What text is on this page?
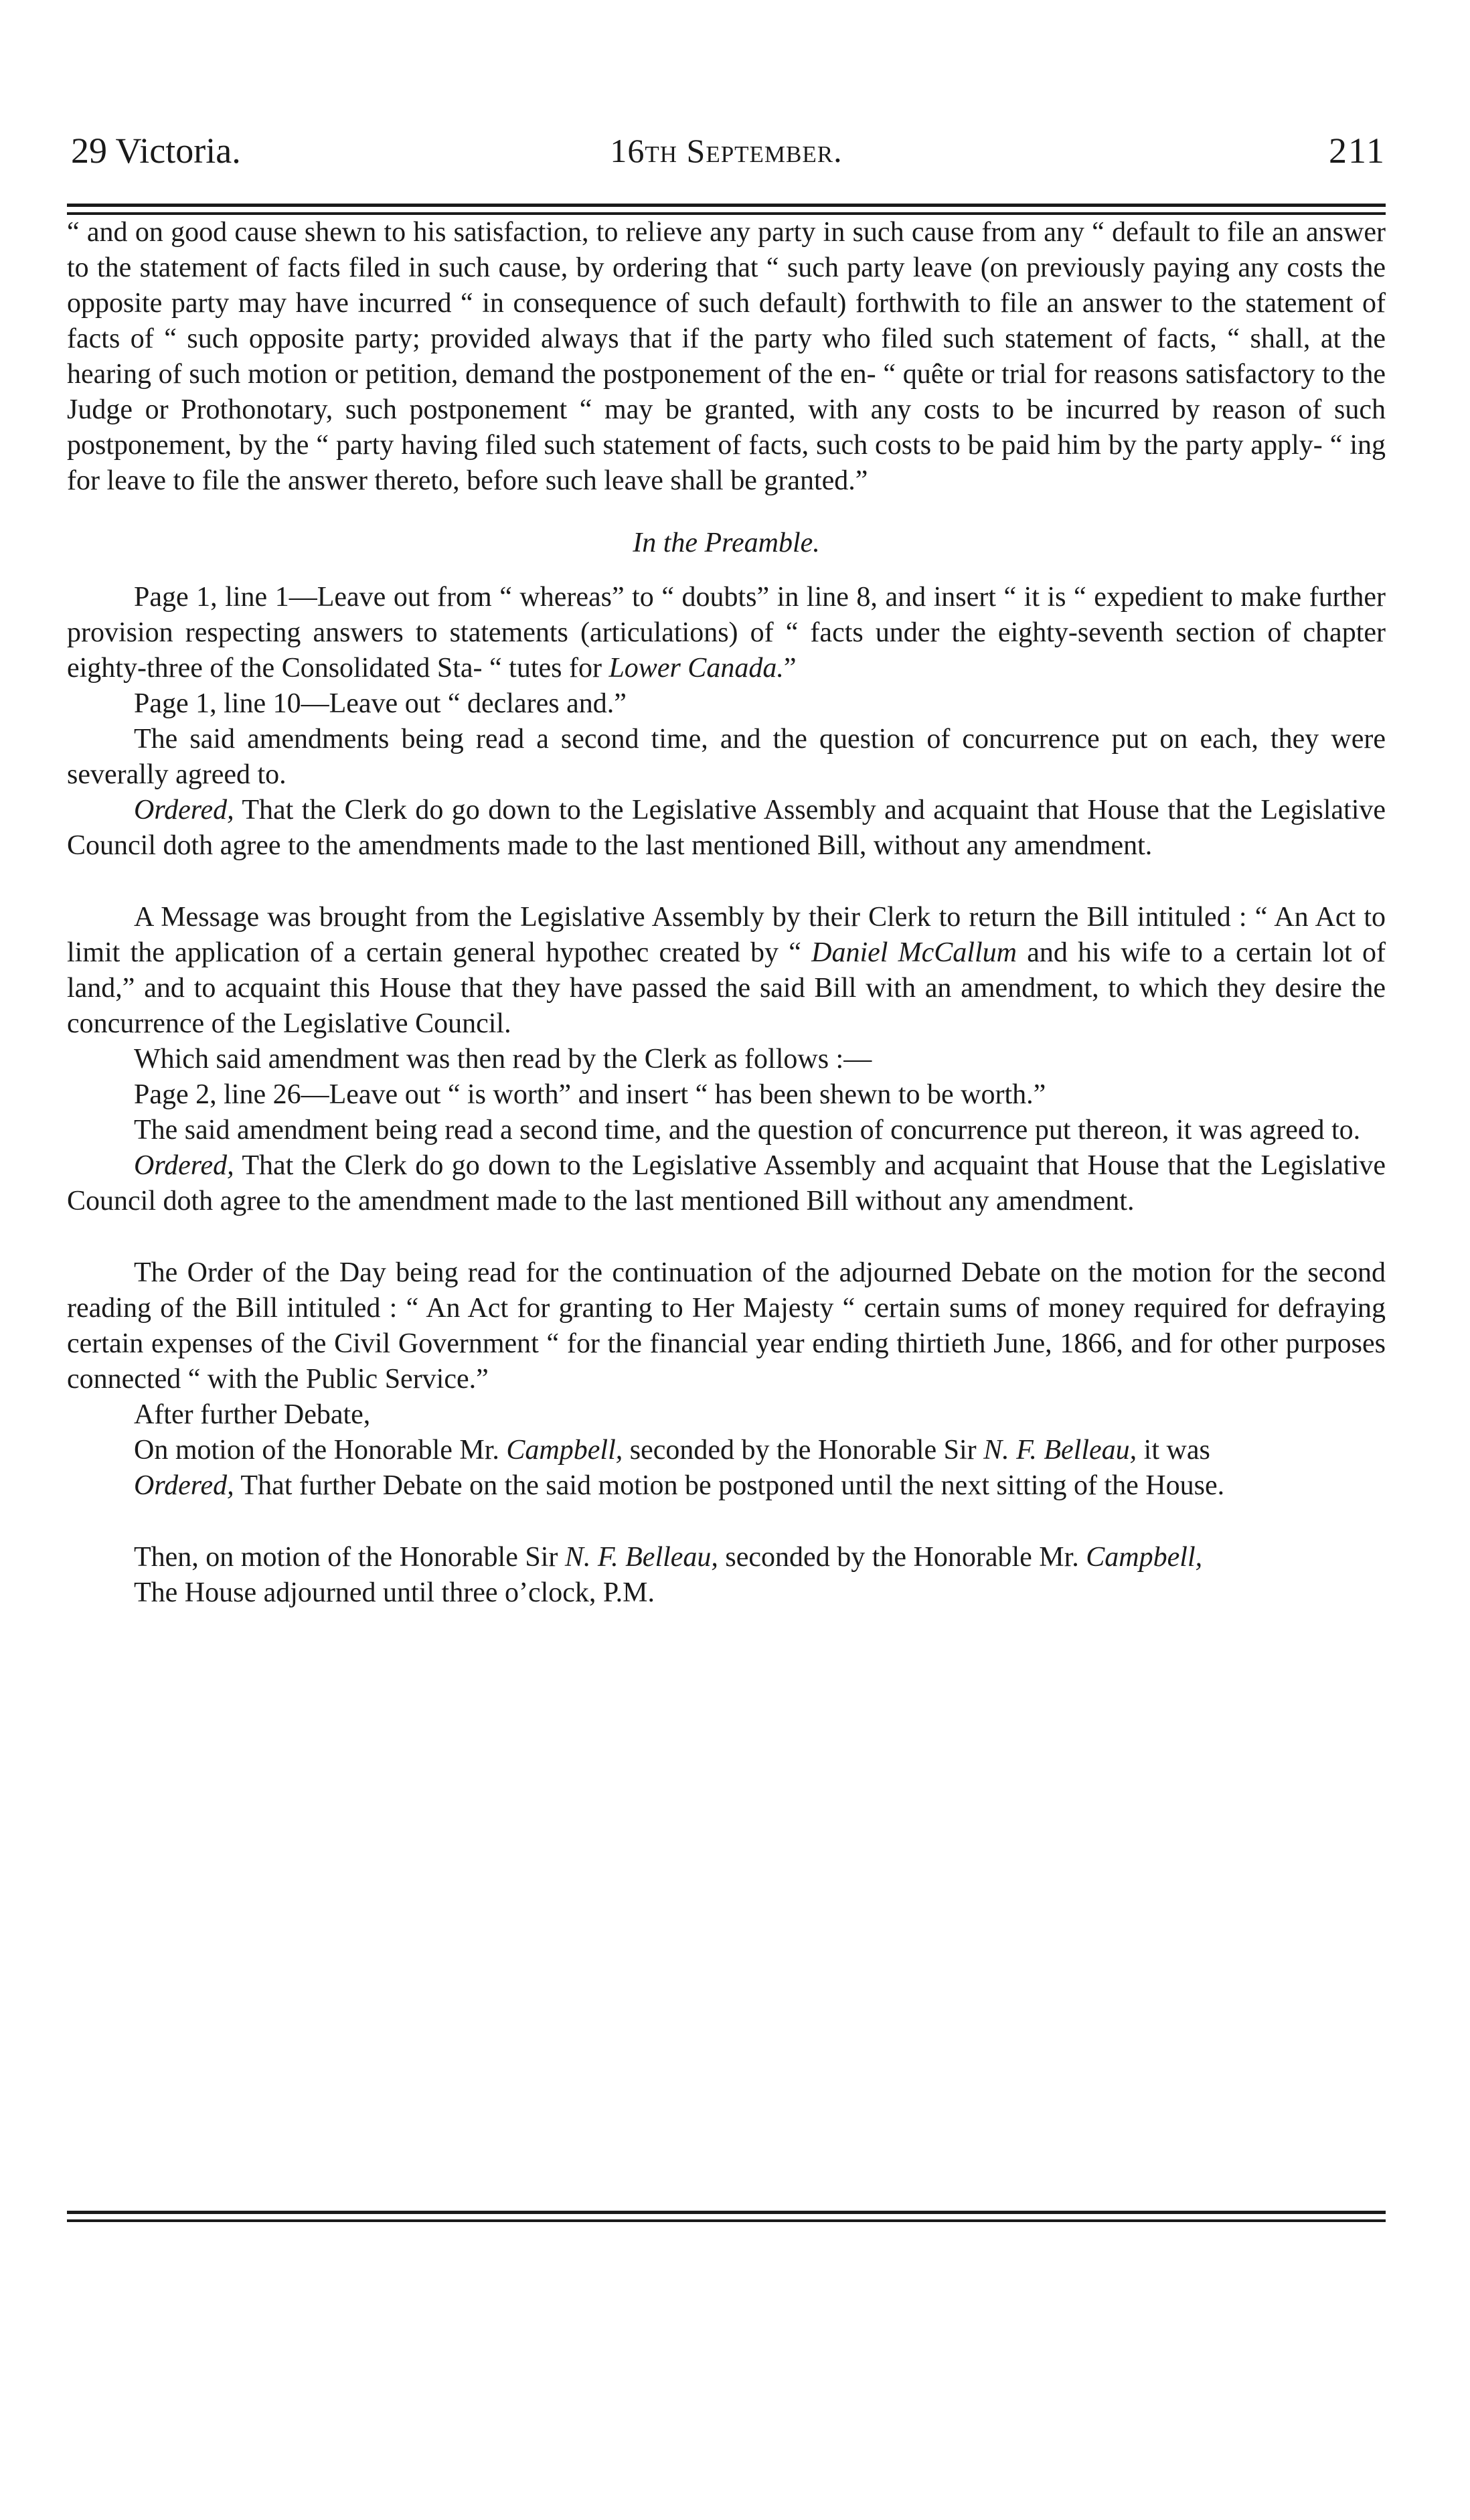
29 Victoria.	16th September.	211

“ and on good cause shewn to his satisfaction, to relieve any party in such cause from any “ default to file an answer to the statement of facts filed in such cause, by ordering that “ such party leave (on previously paying any costs the opposite party may have incurred “ in consequence of such default) forthwith to file an answer to the statement of facts of “ such opposite party; provided always that if the party who filed such statement of facts, “ shall, at the hearing of such motion or petition, demand the postponement of the en- “ quête or trial for reasons satisfactory to the Judge or Prothonotary, such postponement “ may be granted, with any costs to be incurred by reason of such postponement, by the “ party having filed such statement of facts, such costs to be paid him by the party apply- “ ing for leave to file the answer thereto, before such leave shall be granted.”

In the Preamble.

Page 1, line 1—Leave out from “ whereas” to “ doubts” in line 8, and insert “ it is “ expedient to make further provision respecting answers to statements (articulations) of “ facts under the eighty-seventh section of chapter eighty-three of the Consolidated Sta- “ tutes for Lower Canada.”

Page 1, line 10—Leave out “ declares and.”

The said amendments being read a second time, and the question of concurrence put on each, they were severally agreed to.

Ordered, That the Clerk do go down to the Legislative Assembly and acquaint that House that the Legislative Council doth agree to the amendments made to the last mentioned Bill, without any amendment.

A Message was brought from the Legislative Assembly by their Clerk to return the Bill intituled : “ An Act to limit the application of a certain general hypothec created by “ Daniel McCallum and his wife to a certain lot of land,” and to acquaint this House that they have passed the said Bill with an amendment, to which they desire the concurrence of the Legislative Council.

Which said amendment was then read by the Clerk as follows :—

Page 2, line 26—Leave out “ is worth” and insert “ has been shewn to be worth.”

The said amendment being read a second time, and the question of concurrence put thereon, it was agreed to.

Ordered, That the Clerk do go down to the Legislative Assembly and acquaint that House that the Legislative Council doth agree to the amendment made to the last mentioned Bill without any amendment.

The Order of the Day being read for the continuation of the adjourned Debate on the motion for the second reading of the Bill intituled : “ An Act for granting to Her Majesty “ certain sums of money required for defraying certain expenses of the Civil Government “ for the financial year ending thirtieth June, 1866, and for other purposes connected “ with the Public Service.”

After further Debate,

On motion of the Honorable Mr. Campbell, seconded by the Honorable Sir N. F. Belleau, it was

Ordered, That further Debate on the said motion be postponed until the next sitting of the House.

Then, on motion of the Honorable Sir N. F. Belleau, seconded by the Honorable Mr. Campbell,

The House adjourned until three o’clock, P.M.
